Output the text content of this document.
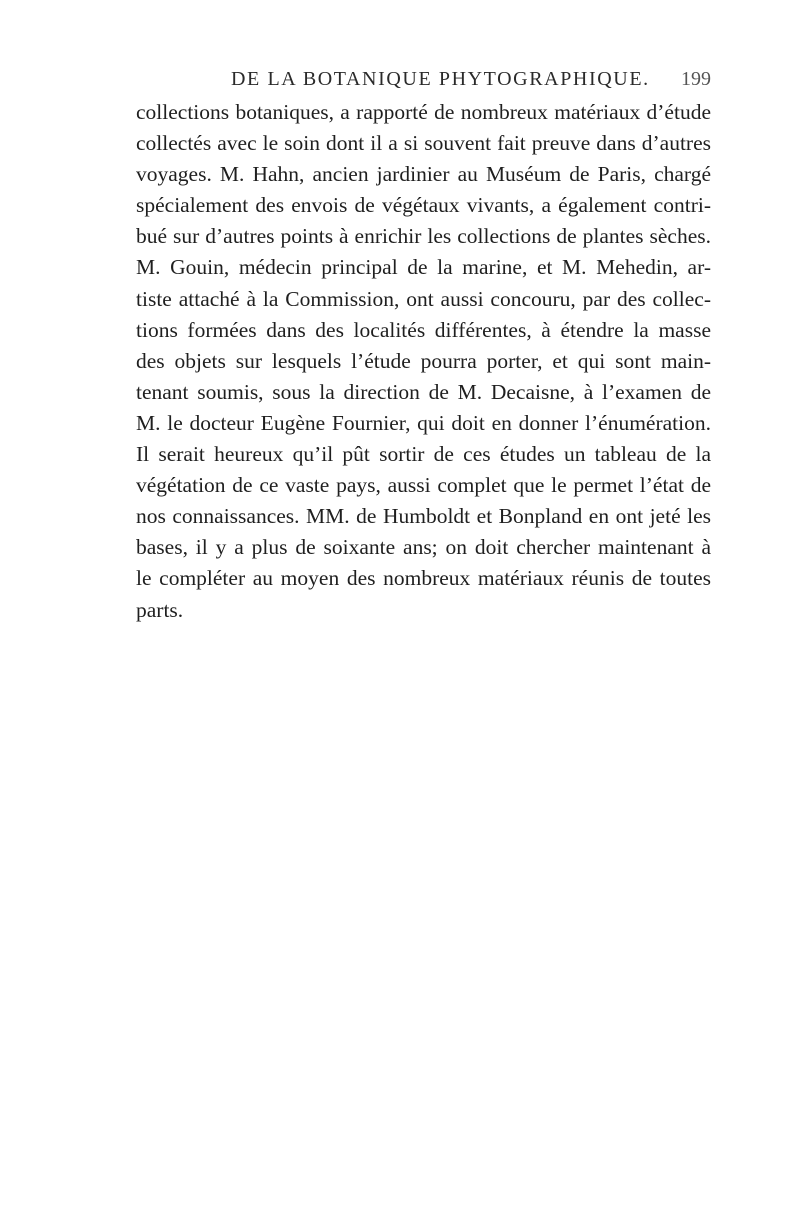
DE LA BOTANIQUE PHYTOGRAPHIQUE. 199
collections botaniques, a rapporté de nombreux matériaux d’étude
collectés avec le soin dont il a si souvent fait preuve dans d’autres
voyages. M. Hahn, ancien jardinier au Muséum de Paris, chargé
spécialement des envois de végétaux vivants, a également contri-
bué sur d’autres points à enrichir les collections de plantes sèches.
M. Gouin, médecin principal de la marine, et M. Mehedin, ar-
tiste attaché à la Commission, ont aussi concouru, par des collec-
tions formées dans des localités différentes, à étendre la masse
des objets sur lesquels l’étude pourra porter, et qui sont main-
tenant soumis, sous la direction de M. Decaisne, à l’examen de
M. le docteur Eugène Fournier, qui doit en donner l’énumération.
Il serait heureux qu’il pût sortir de ces études un tableau de la
végétation de ce vaste pays, aussi complet que le permet l’état de
nos connaissances. MM. de Humboldt et Bonpland en ont jeté les
bases, il y a plus de soixante ans; on doit chercher maintenant à
le compléter au moyen des nombreux matériaux réunis de toutes
parts.
